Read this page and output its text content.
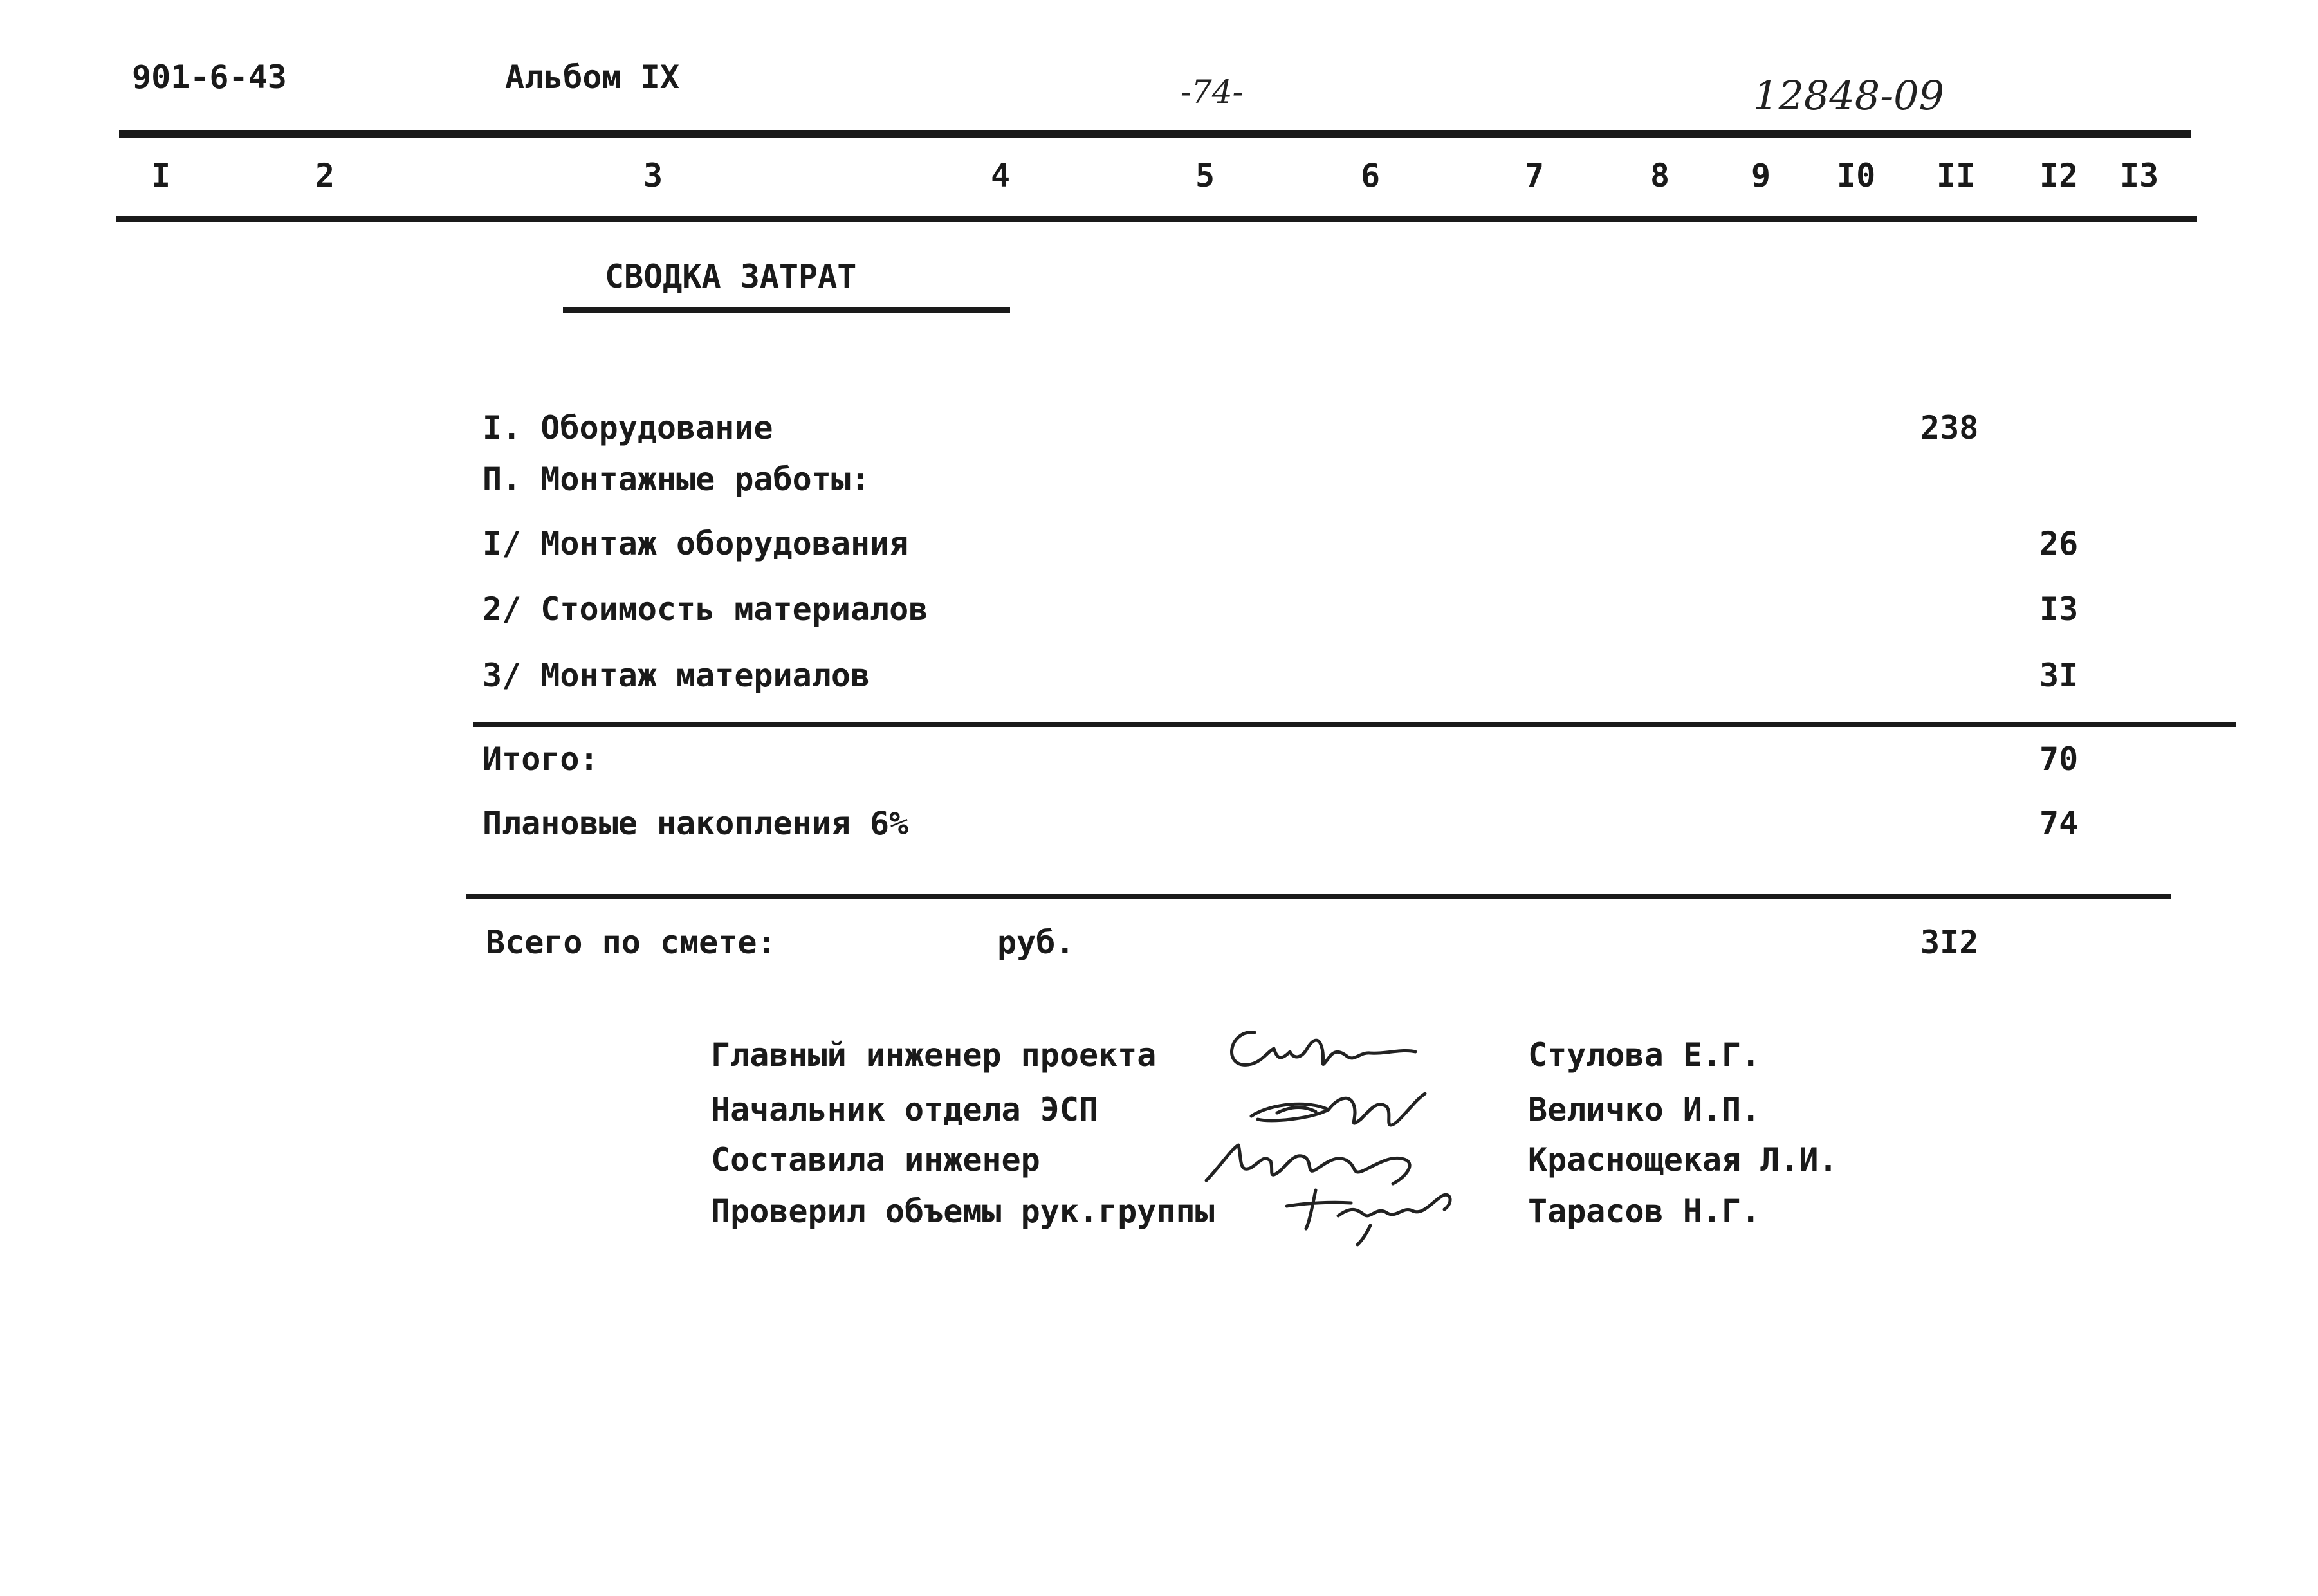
901-6-43	Альбом IX	-74-	12848-09
I	2	3	4	5	6	7	8	9 I0 II I2 I3
СВОДКА ЗАТРАТ
I. Оборудование	238
П. Монтажные работы:
I/ Монтаж оборудования	26
2/ Стоимость материалов	I3
3/ Монтаж материалов	3I
Итого:	70
Плановые накопления 6%	74
Всего по смете:	руб.	3I2
Главный инженер проекта	Стулова Е.Г.
Начальник отдела ЭСП	Величко И.П.
Составила инженер	Краснощекая Л.И.
Проверил объемы рук.группы	Тарасов Н.Г.
